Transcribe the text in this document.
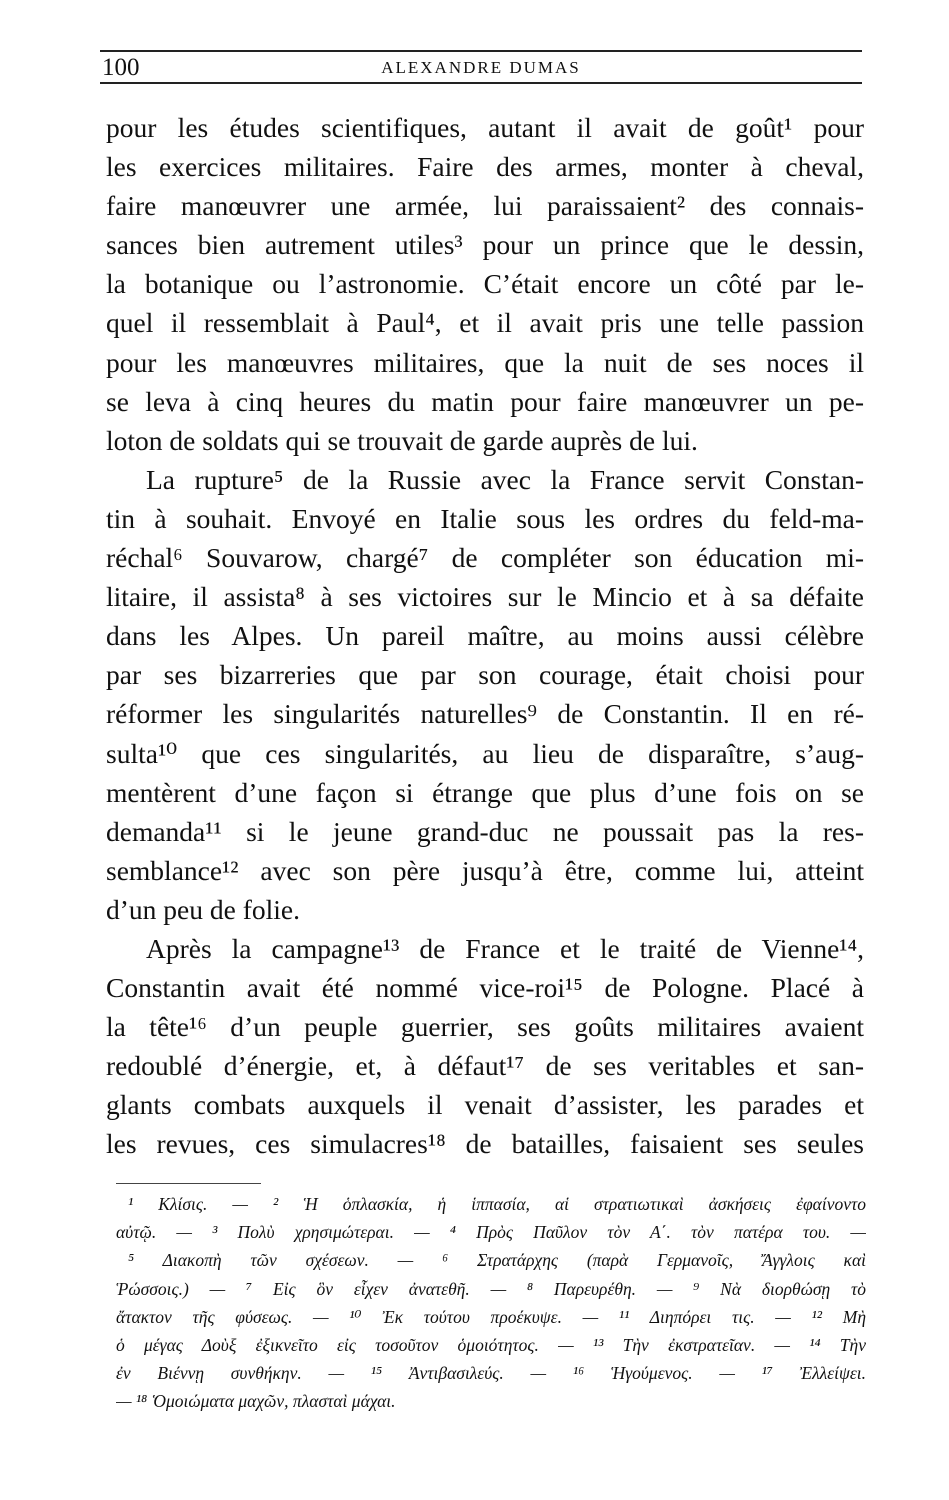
100	ALEXANDRE DUMAS
pour les études scientifiques, autant il avait de goût¹ pour
les exercices militaires. Faire des armes, monter à cheval,
faire manœuvrer une armée, lui paraissaient² des connais-
sances bien autrement utiles³ pour un prince que le dessin,
la botanique ou l’astronomie. C’était encore un côté par le-
quel il ressemblait à Paul⁴, et il avait pris une telle passion
pour les manœuvres militaires, que la nuit de ses noces il
se leva à cinq heures du matin pour faire manœuvrer un pe-
loton de soldats qui se trouvait de garde auprès de lui.
La rupture⁵ de la Russie avec la France servit Constan-
tin à souhait. Envoyé en Italie sous les ordres du feld-ma-
réchal⁶ Souvarow, chargé⁷ de compléter son éducation mi-
litaire, il assista⁸ à ses victoires sur le Mincio et à sa défaite
dans les Alpes. Un pareil maître, au moins aussi célèbre
par ses bizarreries que par son courage, était choisi pour
réformer les singularités naturelles⁹ de Constantin. Il en ré-
sulta¹⁰ que ces singularités, au lieu de disparaître, s’aug-
mentèrent d’une façon si étrange que plus d’une fois on se
demanda¹¹ si le jeune grand-duc ne poussait pas la res-
semblance¹² avec son père jusqu’à être, comme lui, atteint
d’un peu de folie.
Après la campagne¹³ de France et le traité de Vienne¹⁴,
Constantin avait été nommé vice-roi¹⁵ de Pologne. Placé à
la tête¹⁶ d’un peuple guerrier, ses goûts militaires avaient
redoublé d’énergie, et, à défaut¹⁷ de ses veritables et san-
glants combats auxquels il venait d’assister, les parades et
les revues, ces simulacres¹⁸ de batailles, faisaient ses seules
¹ Κλίσις. — ² Ἡ ὁπλασκία, ἡ ἱππασία, αἱ στρατιωτικαὶ ἀσκήσεις ἐφαίνοντο
αὐτῷ. — ³ Πολὺ χρησιμώτεραι. — ⁴ Πρὸς Παῦλον τὸν Α΄. τὸν πατέρα του. —
⁵ Διακοπὴ τῶν σχέσεων. — ⁶ Στρατάρχης (παρὰ Γερμανοῖς, Ἄγγλοις καὶ
Ῥώσσοις.) — ⁷ Εἰς ὃν εἶχεν ἀνατεθῆ. — ⁸ Παρευρέθη. — ⁹ Νὰ διορθώσῃ τὸ
ἄτακτον τῆς φύσεως. — ¹⁰ Ἐκ τούτου προέκυψε. — ¹¹ Διηπόρει τις. — ¹² Μὴ
ὁ μέγας Δοὺξ ἐξικνεῖτο εἰς τοσοῦτον ὁμοιότητος. — ¹³ Τὴν ἐκστρατεῖαν. — ¹⁴ Τὴν
ἐν Βιέννῃ συνθήκην. — ¹⁵ Ἀντιβασιλεύς. — ¹⁶ Ἡγούμενος. — ¹⁷ Ἐλλείψει.
— ¹⁸ Ὁμοιώματα μαχῶν, πλασταὶ μάχαι.
